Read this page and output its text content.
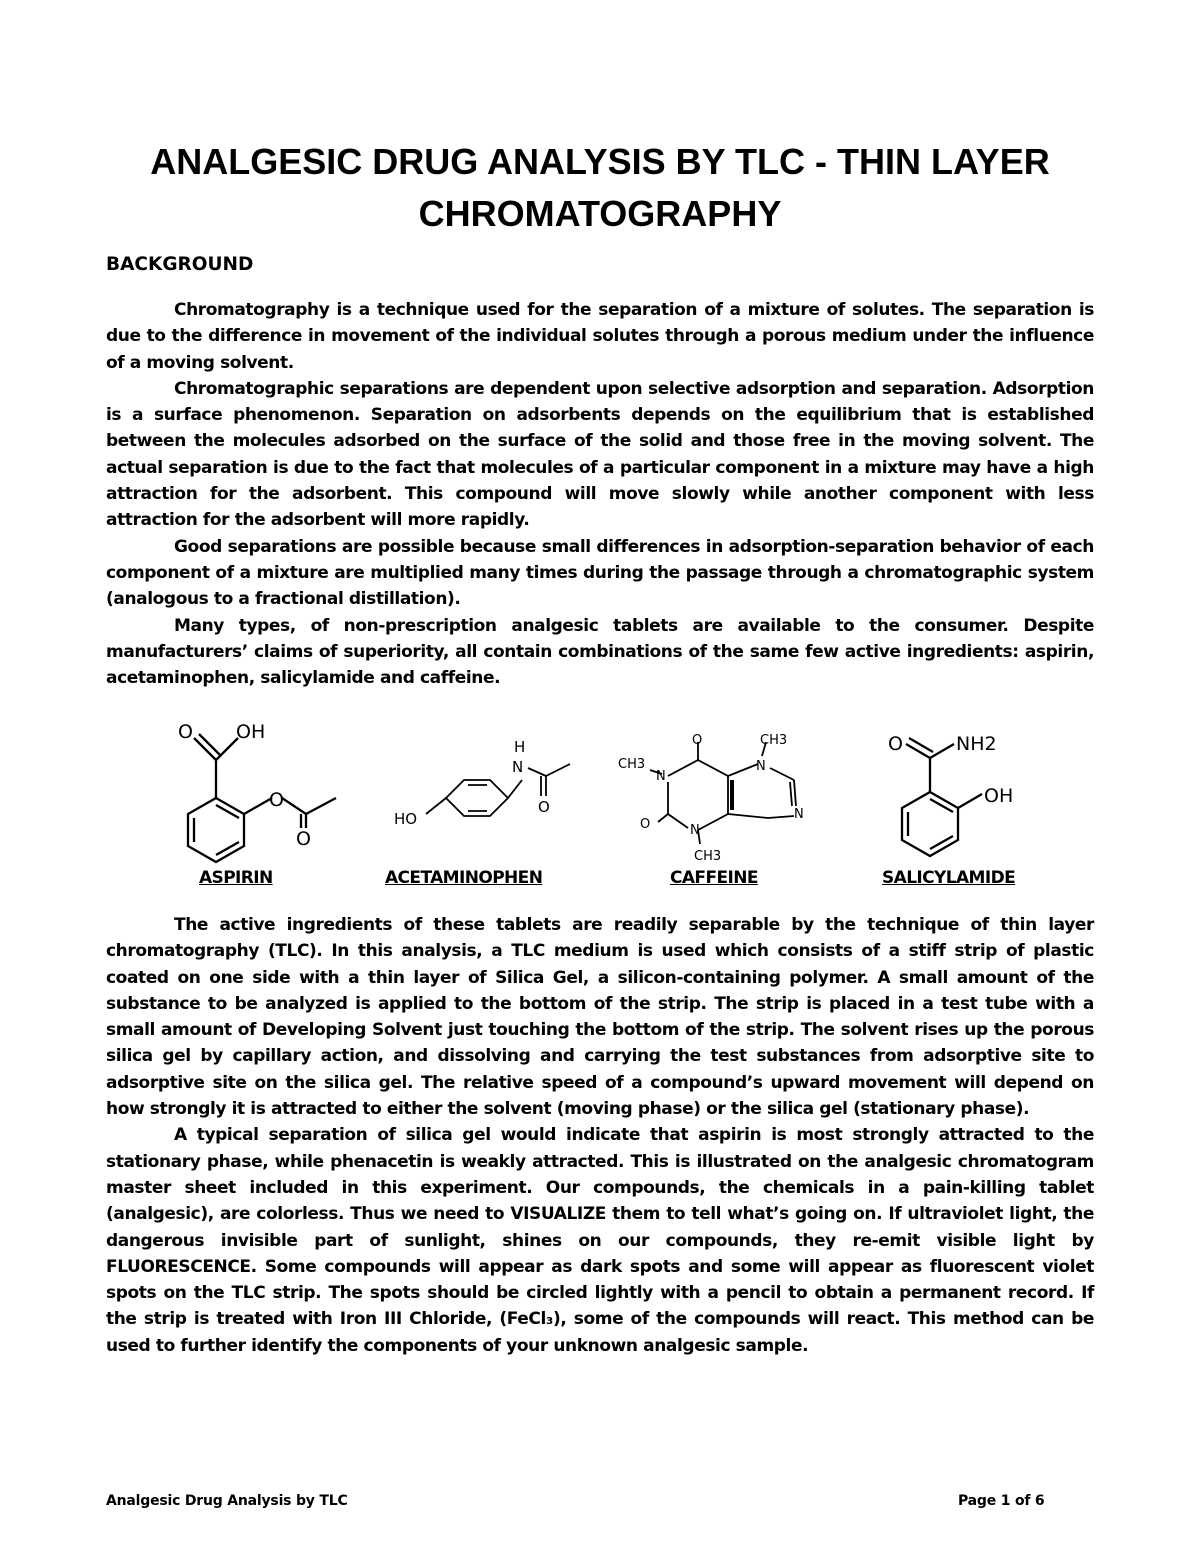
ANALGESIC DRUG ANALYSIS BY TLC - THIN LAYER CHROMATOGRAPHY
BACKGROUND

Chromatography is a technique used for the separation of a mixture of solutes. The separation is due to the difference in movement of the individual solutes through a porous medium under the influence of a moving solvent.

Chromatographic separations are dependent upon selective adsorption and separation. Adsorption is a surface phenomenon. Separation on adsorbents depends on the equilibrium that is established between the molecules adsorbed on the surface of the solid and those free in the moving solvent. The actual separation is due to the fact that molecules of a particular component in a mixture may have a high attraction for the adsorbent. This compound will move slowly while another component with less attraction for the adsorbent will more rapidly.

Good separations are possible because small differences in adsorption-separation behavior of each component of a mixture are multiplied many times during the passage through a chromatographic system (analogous to a fractional distillation).

Many types, of non-prescription analgesic tablets are available to the consumer. Despite manufacturers’ claims of superiority, all contain combinations of the same few active ingredients: aspirin, acetaminophen, salicylamide and caffeine.

O OH
O
O
H
N
O
HO
O	CH3
CH3
N
N
N
N
O
CH3
O	NH2
OH
ASPIRIN	ACETAMINOPHEN	CAFFEINE	SALICYLAMIDE

The active ingredients of these tablets are readily separable by the technique of thin layer chromatography (TLC). In this analysis, a TLC medium is used which consists of a stiff strip of plastic coated on one side with a thin layer of Silica Gel, a silicon-containing polymer. A small amount of the substance to be analyzed is applied to the bottom of the strip. The strip is placed in a test tube with a small amount of Developing Solvent just touching the bottom of the strip. The solvent rises up the porous silica gel by capillary action, and dissolving and carrying the test substances from adsorptive site to adsorptive site on the silica gel. The relative speed of a compound’s upward movement will depend on how strongly it is attracted to either the solvent (moving phase) or the silica gel (stationary phase).

A typical separation of silica gel would indicate that aspirin is most strongly attracted to the stationary phase, while phenacetin is weakly attracted. This is illustrated on the analgesic chromatogram master sheet included in this experiment. Our compounds, the chemicals in a pain-killing tablet (analgesic), are colorless. Thus we need to VISUALIZE them to tell what’s going on. If ultraviolet light, the dangerous invisible part of sunlight, shines on our compounds, they re-emit visible light by FLUORESCENCE. Some compounds will appear as dark spots and some will appear as fluorescent violet spots on the TLC strip. The spots should be circled lightly with a pencil to obtain a permanent record. If the strip is treated with Iron III Chloride, (FeCl₃), some of the compounds will react. This method can be used to further identify the components of your unknown analgesic sample.

Analgesic Drug Analysis by TLC	Page 1 of 6
